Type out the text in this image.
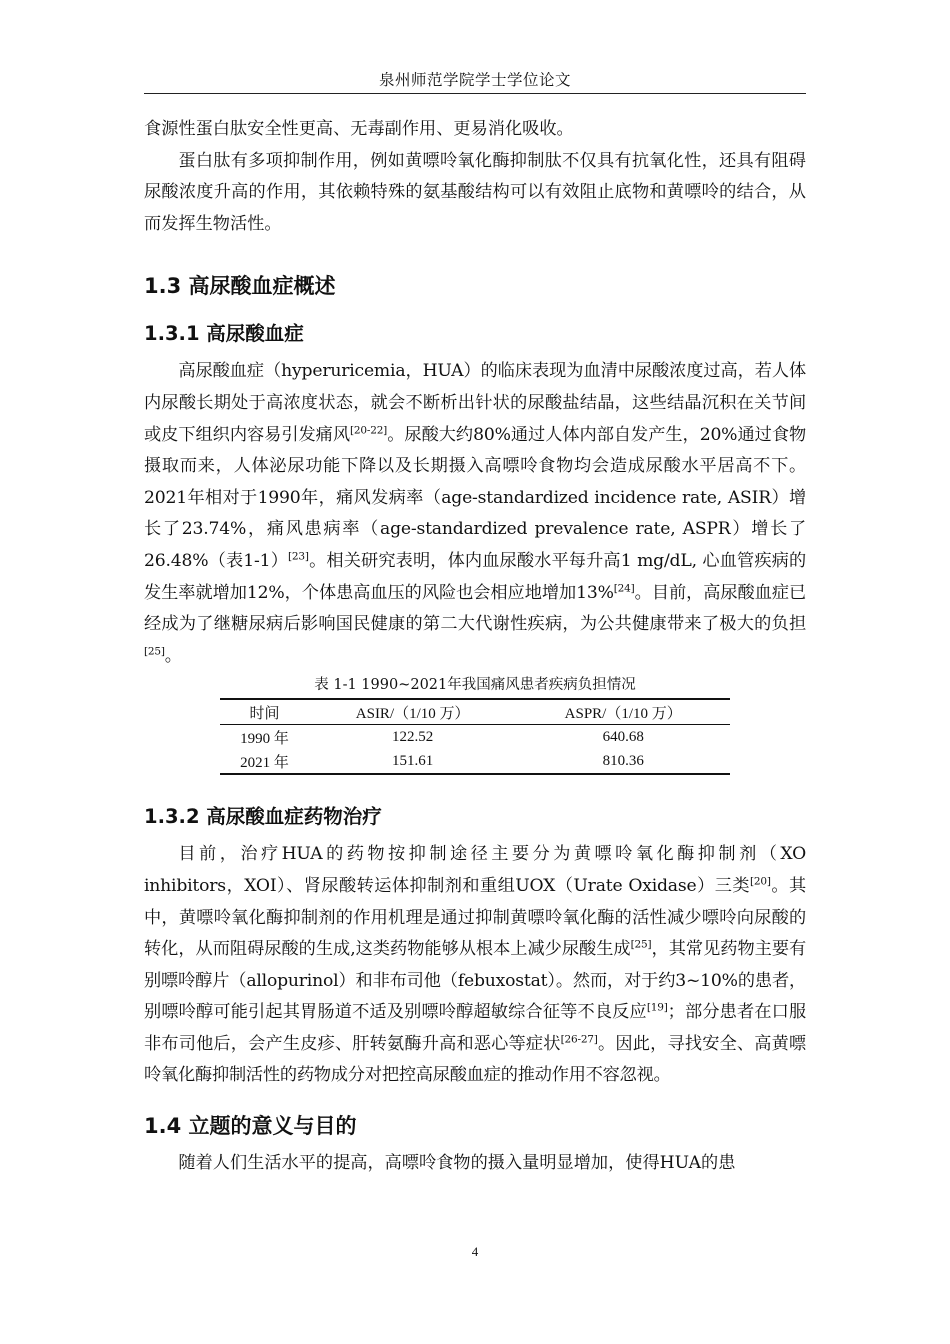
泉州师范学院学士学位论文

食源性蛋白肽安全性更高、无毒副作用、更易消化吸收。

蛋白肽有多项抑制作用，例如黄嘌呤氧化酶抑制肽不仅具有抗氧化性，还具有阻碍尿酸浓度升高的作用，其依赖特殊的氨基酸结构可以有效阻止底物和黄嘌呤的结合，从而发挥生物活性。

1.3 高尿酸血症概述
1.3.1 高尿酸血症

高尿酸血症（hyperuricemia，HUA）的临床表现为血清中尿酸浓度过高，若人体内尿酸长期处于高浓度状态，就会不断析出针状的尿酸盐结晶，这些结晶沉积在关节间或皮下组织内容易引发痛风[20-22]。尿酸大约80%通过人体内部自发产生，20%通过食物摄取而来，人体泌尿功能下降以及长期摄入高嘌呤食物均会造成尿酸水平居高不下。2021年相对于1990年，痛风发病率（age-standardized incidence rate, ASIR）增长了23.74%，痛风患病率（age-standardized prevalence rate, ASPR）增长了26.48%（表1-1）[23]。相关研究表明，体内血尿酸水平每升高1 mg/dL, 心血管疾病的发生率就增加12%，个体患高血压的风险也会相应地增加13%[24]。目前，高尿酸血症已经成为了继糖尿病后影响国民健康的第二大代谢性疾病，为公共健康带来了极大的负担[25]。

表 1-1 1990~2021年我国痛风患者疾病负担情况
时间	ASIR/（1/10 万）	ASPR/（1/10 万）
1990 年	122.52	640.68
2021 年	151.61	810.36
1.3.2 高尿酸血症药物治疗

目前，治疗HUA的药物按抑制途径主要分为黄嘌呤氧化酶抑制剂（XO inhibitors，XOI）、肾尿酸转运体抑制剂和重组UOX（Urate Oxidase）三类[20]。其中，黄嘌呤氧化酶抑制剂的作用机理是通过抑制黄嘌呤氧化酶的活性减少嘌呤向尿酸的转化，从而阻碍尿酸的生成,这类药物能够从根本上减少尿酸生成[25]，其常见药物主要有别嘌呤醇片（allopurinol）和非布司他（febuxostat）。然而，对于约3~10%的患者，别嘌呤醇可能引起其胃肠道不适及别嘌呤醇超敏综合征等不良反应[19]；部分患者在口服非布司他后，会产生皮疹、肝转氨酶升高和恶心等症状[26-27]。因此，寻找安全、高黄嘌呤氧化酶抑制活性的药物成分对把控高尿酸血症的推动作用不容忽视。

1.4 立题的意义与目的

随着人们生活水平的提高，高嘌呤食物的摄入量明显增加，使得HUA的患

4
